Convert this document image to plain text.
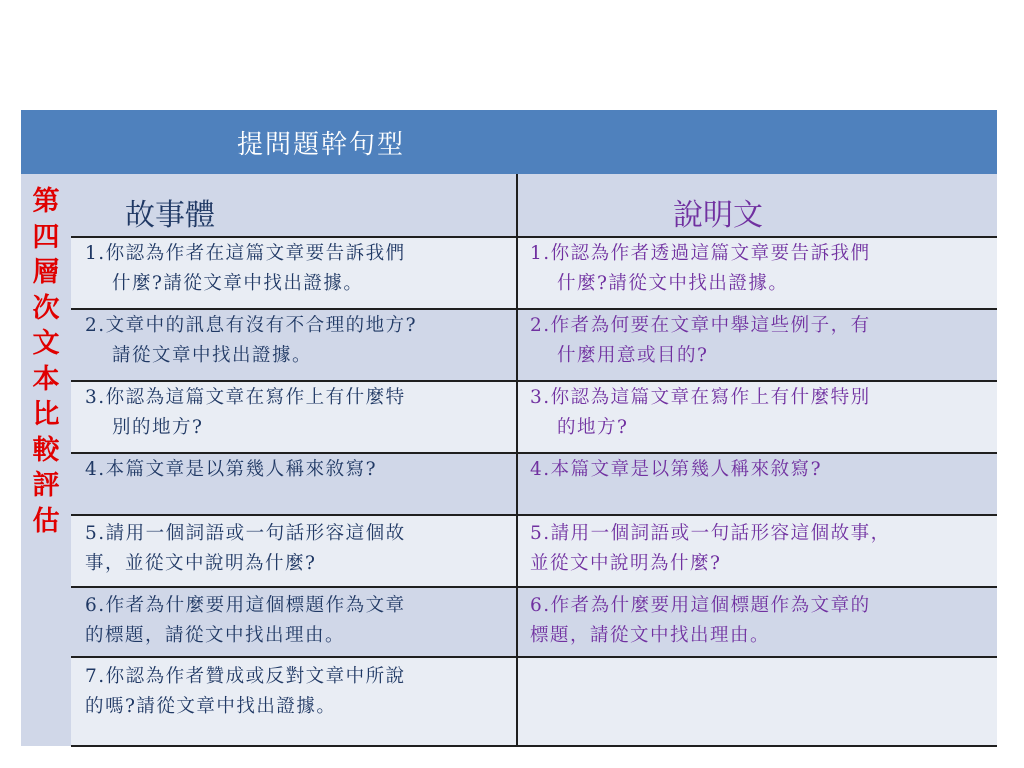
提問題幹句型
第
四
層
次
文
本
比
較
評
估
故事體	說明文
1.你認為作者在這篇文章要告訴我們
什麼?請從文章中找出證據。
1.你認為作者透過這篇文章要告訴我們
什麼?請從文中找出證據。
2.文章中的訊息有沒有不合理的地方?
請從文章中找出證據。
2.作者為何要在文章中舉這些例子，有
什麼用意或目的?
3.你認為這篇文章在寫作上有什麼特
別的地方?
3.你認為這篇文章在寫作上有什麼特別
的地方?
4.本篇文章是以第幾人稱來敘寫?	4.本篇文章是以第幾人稱來敘寫?
5.請用一個詞語或一句話形容這個故
事，並從文中說明為什麼?
5.請用一個詞語或一句話形容這個故事，
並從文中說明為什麼?
6.作者為什麼要用這個標題作為文章
的標題，請從文中找出理由。
6.作者為什麼要用這個標題作為文章的
標題，請從文中找出理由。
7.你認為作者贊成或反對文章中所說
的嗎?請從文章中找出證據。
